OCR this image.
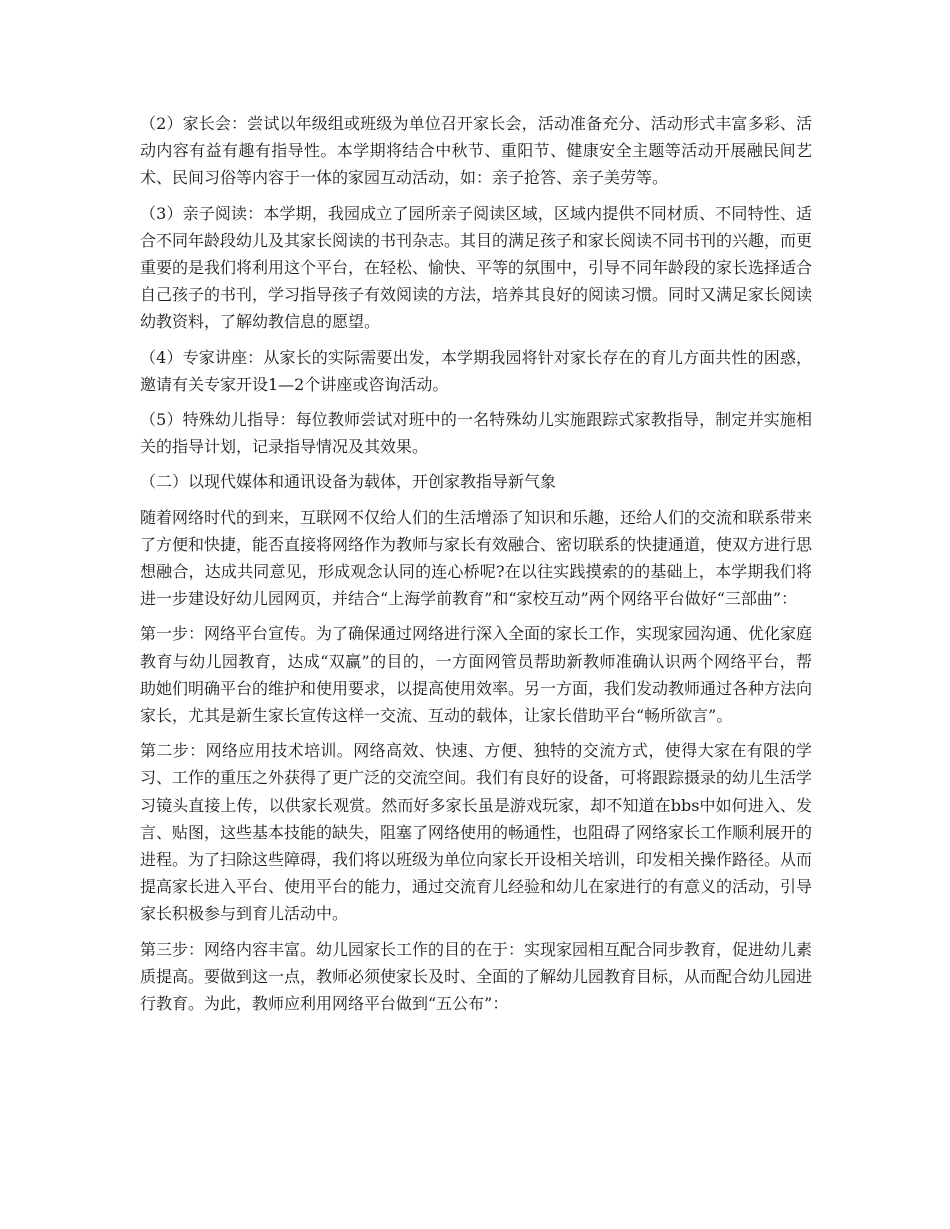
（2）家长会：尝试以年级组或班级为单位召开家长会，活动准备充分、活动形式丰富多彩、活动内容有益有趣有指导性。本学期将结合中秋节、重阳节、健康安全主题等活动开展融民间艺术、民间习俗等内容于一体的家园互动活动，如：亲子抢答、亲子美劳等。

（3）亲子阅读：本学期，我园成立了园所亲子阅读区域，区域内提供不同材质、不同特性、适合不同年龄段幼儿及其家长阅读的书刊杂志。其目的满足孩子和家长阅读不同书刊的兴趣，而更重要的是我们将利用这个平台，在轻松、愉快、平等的氛围中，引导不同年龄段的家长选择适合自己孩子的书刊，学习指导孩子有效阅读的方法，培养其良好的阅读习惯。同时又满足家长阅读幼教资料，了解幼教信息的愿望。

（4）专家讲座：从家长的实际需要出发，本学期我园将针对家长存在的育儿方面共性的困惑，邀请有关专家开设1—2个讲座或咨询活动。

（5）特殊幼儿指导：每位教师尝试对班中的一名特殊幼儿实施跟踪式家教指导，制定并实施相关的指导计划，记录指导情况及其效果。

（二）以现代媒体和通讯设备为载体，开创家教指导新气象

随着网络时代的到来，互联网不仅给人们的生活增添了知识和乐趣，还给人们的交流和联系带来了方便和快捷，能否直接将网络作为教师与家长有效融合、密切联系的快捷通道，使双方进行思想融合，达成共同意见，形成观念认同的连心桥呢?在以往实践摸索的的基础上，本学期我们将进一步建设好幼儿园网页，并结合“上海学前教育”和“家校互动”两个网络平台做好“三部曲”：

第一步：网络平台宣传。为了确保通过网络进行深入全面的家长工作，实现家园沟通、优化家庭教育与幼儿园教育，达成“双赢”的目的，一方面网管员帮助新教师准确认识两个网络平台，帮助她们明确平台的维护和使用要求，以提高使用效率。另一方面，我们发动教师通过各种方法向家长，尤其是新生家长宣传这样一交流、互动的载体，让家长借助平台“畅所欲言”。

第二步：网络应用技术培训。网络高效、快速、方便、独特的交流方式，使得大家在有限的学习、工作的重压之外获得了更广泛的交流空间。我们有良好的设备，可将跟踪摄录的幼儿生活学习镜头直接上传，以供家长观赏。然而好多家长虽是游戏玩家，却不知道在bbs中如何进入、发言、贴图，这些基本技能的缺失，阻塞了网络使用的畅通性，也阻碍了网络家长工作顺利展开的进程。为了扫除这些障碍，我们将以班级为单位向家长开设相关培训，印发相关操作路径。从而提高家长进入平台、使用平台的能力，通过交流育儿经验和幼儿在家进行的有意义的活动，引导家长积极参与到育儿活动中。

第三步：网络内容丰富。幼儿园家长工作的目的在于：实现家园相互配合同步教育，促进幼儿素质提高。要做到这一点，教师必须使家长及时、全面的了解幼儿园教育目标，从而配合幼儿园进行教育。为此，教师应利用网络平台做到“五公布”：
